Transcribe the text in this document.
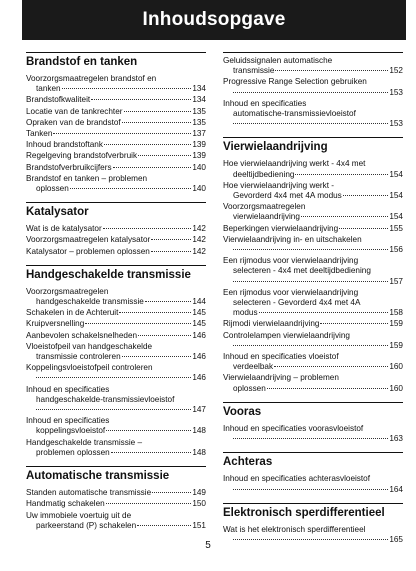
Inhoudsopgave
Brandstof en tanken
Voorzorgsmaatregelen brandstof en
tanken	134
Brandstofkwaliteit	134
Locatie van de tankrechter	135
Opraken van de brandstof	135
Tanken	137
Inhoud brandstoftank	139
Regelgeving brandstofverbruik	139
Brandstofverbruikcijfers	140
Brandstof en tanken – problemen
oplossen	140
Katalysator
Wat is de katalysator	142
Voorzorgsmaatregelen katalysator	142
Katalysator – problemen oplossen	142
Handgeschakelde transmissie
Voorzorgsmaatregelen
handgeschakelde transmissie	144
Schakelen in de Achteruit	145
Kruipversnelling	145
Aanbevolen schakelsnelheden	146
Vloeistofpeil van handgeschakelde
transmissie controleren	146
Koppelingsvloeistofpeil controleren
146
Inhoud en specificaties
handgeschakelde-transmissievloeistof
147
Inhoud en specificaties
koppelingsvloeistof	148
Handgeschakelde transmissie –
problemen oplossen	148
Automatische transmissie
Standen automatische transmissie	149
Handmatig schakelen	150
Uw immobiele voertuig uit de
parkeerstand (P) schakelen	151
Geluidssignalen automatische
transmissie	152
Progressive Range Selection gebruiken
153
Inhoud en specificaties
automatische-transmissievloeistof
153
Vierwielaandrijving
Hoe vierwielaandrijving werkt - 4x4 met
deeltijdbediening	154
Hoe vierwielaandrijving werkt -
Gevorderd 4x4 met 4A modus	154
Voorzorgsmaatregelen
vierwielaandrijving	154
Beperkingen vierwielaandrijving	155
Vierwielaandrijving in- en uitschakelen
156
Een rijmodus voor vierwielaandrijving
selecteren - 4x4 met deeltijdbediening
157
Een rijmodus voor vierwielaandrijving
selecteren - Gevorderd 4x4 met 4A
modus	158
Rijmodi vierwielaandrijving	159
Controlelampen vierwielaandrijving
159
Inhoud en specificaties vloeistof
verdeelbak	160
Vierwielaandrijving – problemen
oplossen	160
Vooras
Inhoud en specificaties voorasvloeistof
163
Achteras
Inhoud en specificaties achterasvloeistof
164
Elektronisch sperdifferentieel
Wat is het elektronisch sperdifferentieel
165
5
